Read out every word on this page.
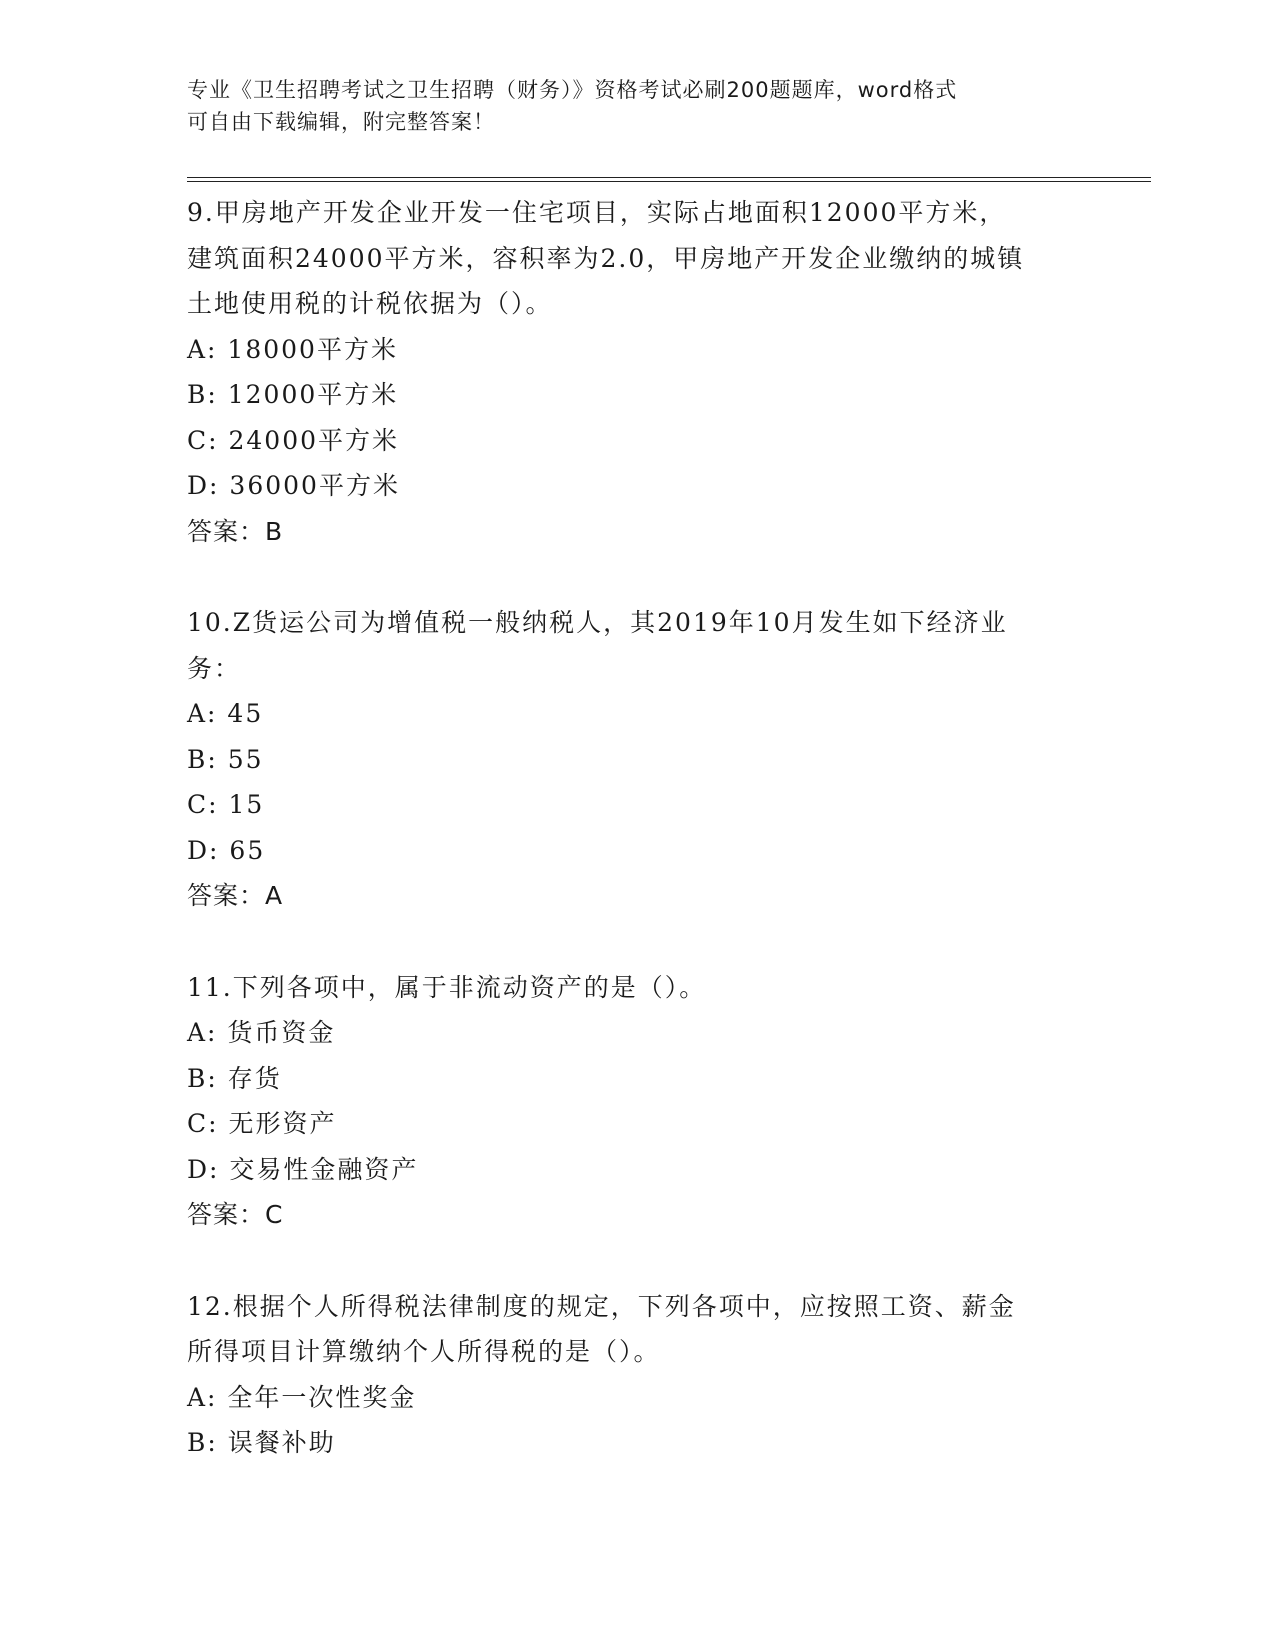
专业《卫生招聘考试之卫生招聘（财务）》资格考试必刷200题题库，word格式
可自由下载编辑，附完整答案！
9.甲房地产开发企业开发一住宅项目，实际占地面积12000平方米，
建筑面积24000平方米，容积率为2.0，甲房地产开发企业缴纳的城镇
土地使用税的计税依据为（）。
A: 18000平方米
B: 12000平方米
C: 24000平方米
D: 36000平方米
答案：B
10.Z货运公司为增值税一般纳税人，其2019年10月发生如下经济业
务：
A: 45
B: 55
C: 15
D: 65
答案：A
11.下列各项中，属于非流动资产的是（）。
A: 货币资金
B: 存货
C: 无形资产
D: 交易性金融资产
答案：C
12.根据个人所得税法律制度的规定，下列各项中，应按照工资、薪金
所得项目计算缴纳个人所得税的是（）。
A: 全年一次性奖金
B: 误餐补助
